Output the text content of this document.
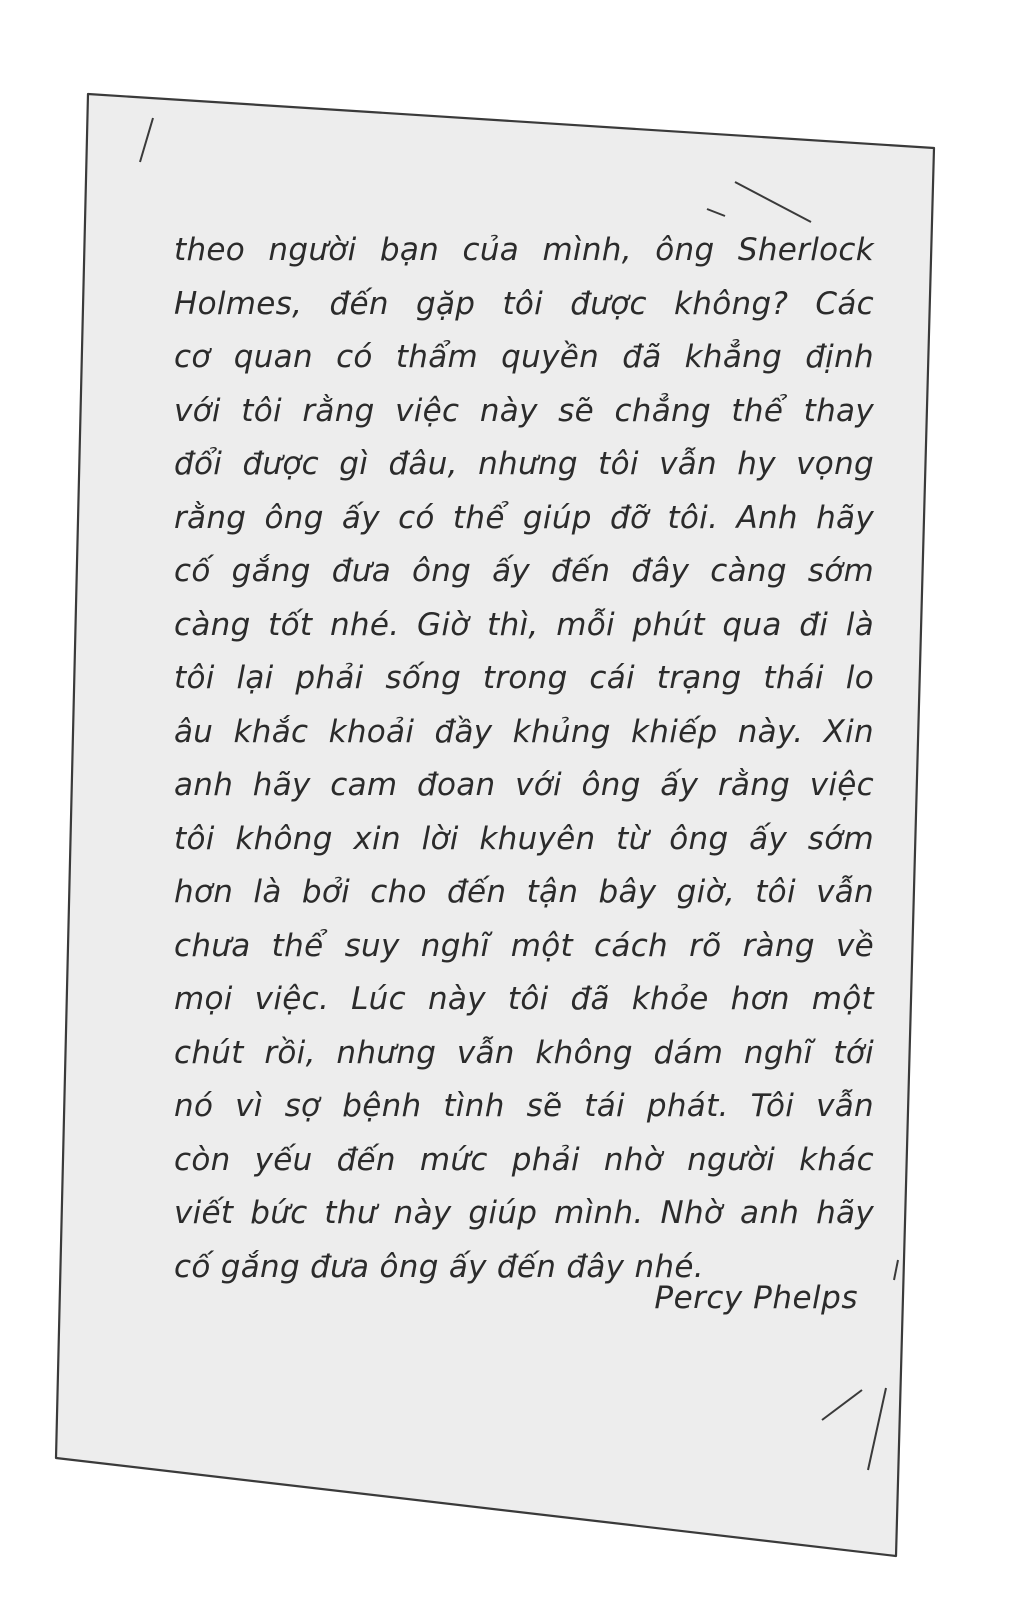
theo người bạn của mình, ông Sherlock
Holmes, đến gặp tôi được không? Các
cơ quan có thẩm quyền đã khẳng định
với tôi rằng việc này sẽ chẳng thể thay
đổi được gì đâu, nhưng tôi vẫn hy vọng
rằng ông ấy có thể giúp đỡ tôi. Anh hãy
cố gắng đưa ông ấy đến đây càng sớm
càng tốt nhé. Giờ thì, mỗi phút qua đi là
tôi lại phải sống trong cái trạng thái lo
âu khắc khoải đầy khủng khiếp này. Xin
anh hãy cam đoan với ông ấy rằng việc
tôi không xin lời khuyên từ ông ấy sớm
hơn là bởi cho đến tận bây giờ, tôi vẫn
chưa thể suy nghĩ một cách rõ ràng về
mọi việc. Lúc này tôi đã khỏe hơn một
chút rồi, nhưng vẫn không dám nghĩ tới
nó vì sợ bệnh tình sẽ tái phát. Tôi vẫn
còn yếu đến mức phải nhờ người khác
viết bức thư này giúp mình. Nhờ anh hãy
cố gắng đưa ông ấy đến đây nhé.
Percy Phelps
